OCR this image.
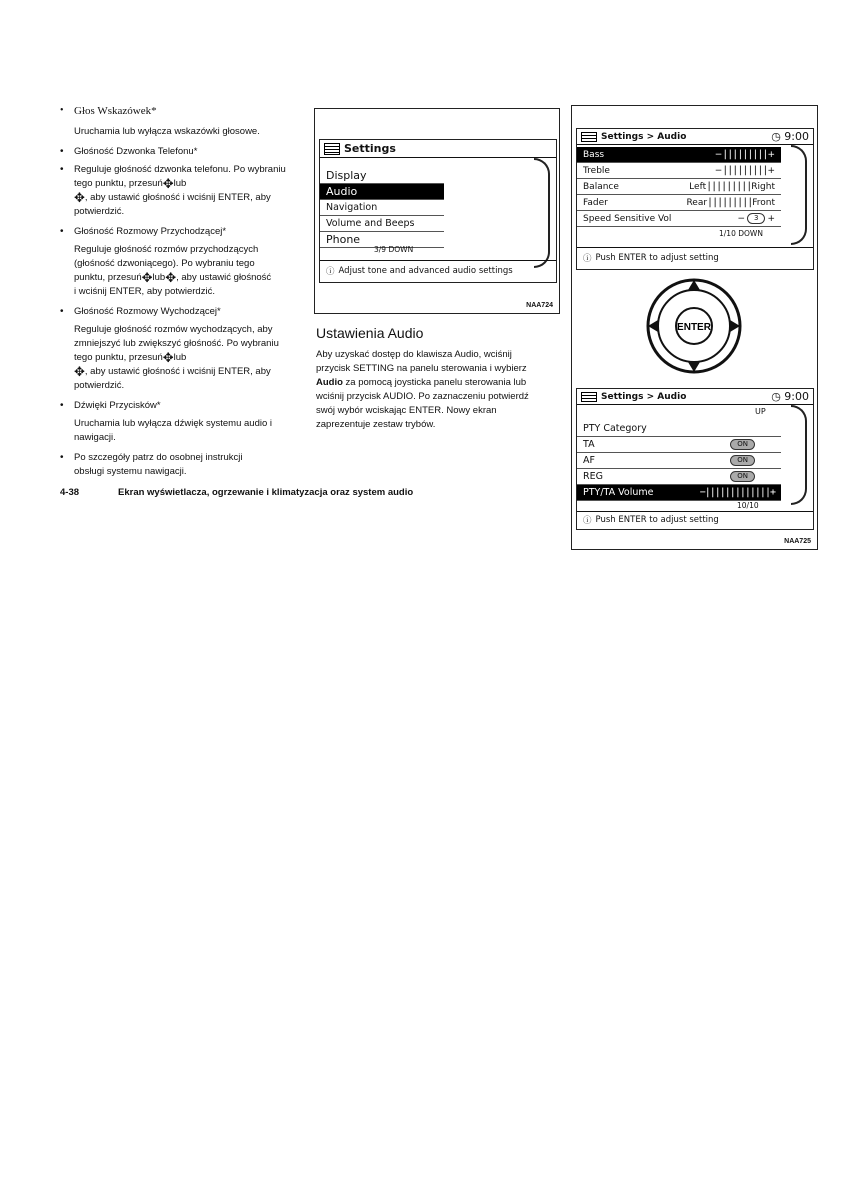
• Głos Wskazówek*

Uruchamia lub wyłącza wskazówki głosowe.

• Głośność Dzwonka Telefonu*

• Reguluje głośność dzwonka telefonu. Po wybraniu
tego punktu, przesuń✥lub
✥, aby ustawić głośność i wciśnij ENTER, aby
potwierdzić.

• Głośność Rozmowy Przychodzącej*

Reguluje głośność rozmów przychodzących
(głośność dzwoniącego). Po wybraniu tego
punktu, przesuń✥lub✥, aby ustawić głośność
i wciśnij ENTER, aby potwierdzić.

• Głośność Rozmowy Wychodzącej*

Reguluje głośność rozmów wychodzących, aby
zmniejszyć lub zwiększyć głośność. Po wybraniu
tego punktu, przesuń✥lub
✥, aby ustawić głośność i wciśnij ENTER, aby
potwierdzić.

• Dźwięki Przycisków*

Uruchamia lub wyłącza dźwięk systemu audio i
nawigacji.

• Po szczegóły patrz do osobnej instrukcji
obsługi systemu nawigacji.

4-38	Ekran wyświetlacza, ogrzewanie i klimatyzacja oraz system audio
Settings
Display
Audio
Navigation
Volume and Beeps
Phone
3/9 DOWN
ⓘ Adjust tone and advanced audio settings
NAA724
Ustawienia Audio
Aby uzyskać dostęp do klawisza Audio, wciśnij
przycisk SETTING na panelu sterowania i wybierz
Audio za pomocą joysticka panelu sterowania lub
wciśnij przycisk AUDIO. Po zaznaczeniu potwierdź
swój wybór wciskając ENTER. Nowy ekran
zaprezentuje zestaw trybów.
Settings > Audio	◷ 9:00
Bass	− ||||||||| +
Treble	− ||||||||| +
Balance	Left ||||||||| Right
Fader	Rear ||||||||| Front
Speed Sensitive Vol	−	3	+
1/10 DOWN
ⓘ Push ENTER to adjust setting
ENTER
Settings > Audio	◷ 9:00
UP
PTY Category
TA	ON
AF	ON
REG	ON
PTY/TA Volume	−|||||||||||||+
10/10
ⓘ Push ENTER to adjust setting
NAA725
